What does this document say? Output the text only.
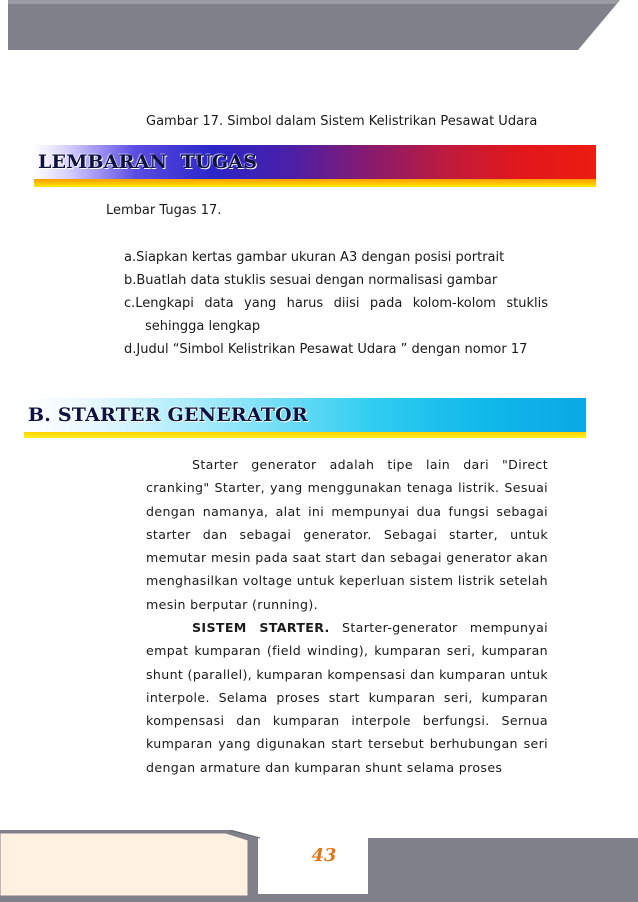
Gambar 17. Simbol dalam Sistem Kelistrikan Pesawat Udara
LEMBARAN  TUGAS
Lembar Tugas 17.
a.Siapkan kertas gambar ukuran A3 dengan posisi portrait
b.Buatlah data stuklis sesuai dengan normalisasi gambar
c.Lengkapi data yang harus diisi pada kolom-kolom stuklis
sehingga lengkap
d.Judul “Simbol Kelistrikan Pesawat Udara ” dengan nomor 17
B. STARTER GENERATOR
Starter generator adalah tipe lain dari "Direct cranking" Starter, yang menggunakan tenaga listrik. Sesuai dengan namanya, alat ini mempunyai dua fungsi sebagai starter dan sebagai generator. Sebagai starter, untuk memutar mesin pada saat start dan sebagai generator akan menghasilkan voltage untuk keperluan sistem listrik setelah mesin berputar (running).
SISTEM STARTER. Starter-generator mempunyai empat kumparan (field winding), kumparan seri, kumparan shunt (parallel), kumparan kompensasi dan kumparan untuk interpole. Selama proses start kumparan seri, kumparan kompensasi dan kumparan interpole berfungsi. Sernua kumparan yang digunakan start tersebut berhubungan seri dengan armature dan kumparan shunt selama proses
43
